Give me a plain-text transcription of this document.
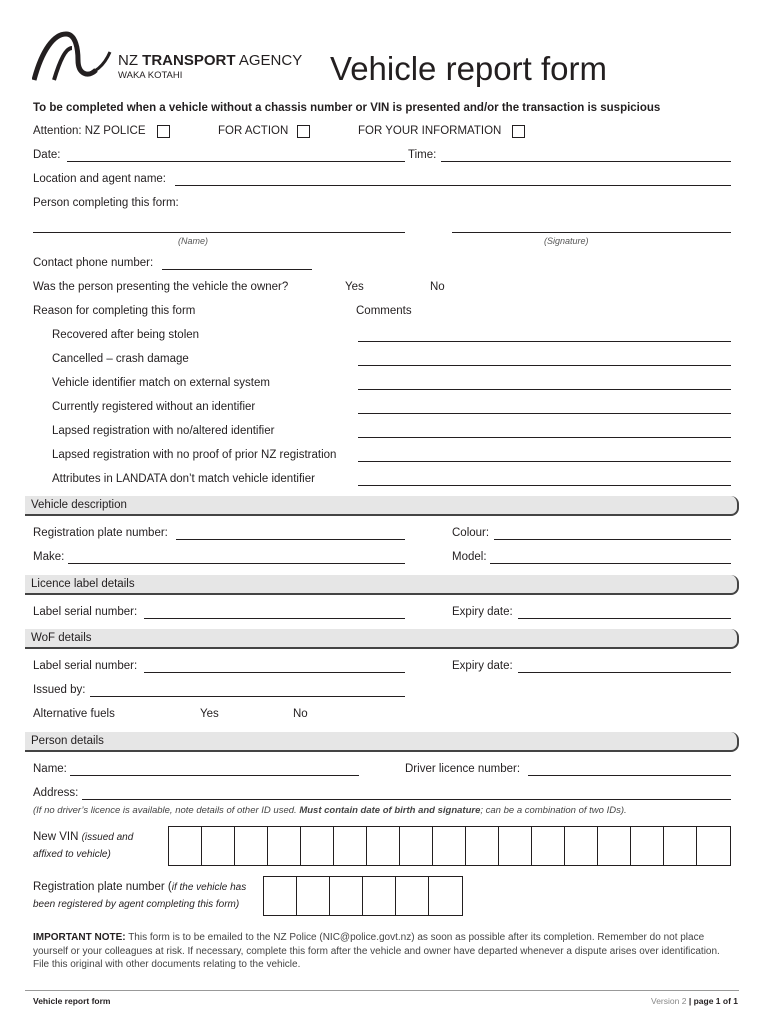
NZ TRANSPORT AGENCY
WAKA KOTAHI	Vehicle report form
To be completed when a vehicle without a chassis number or VIN is presented and/or the transaction is suspicious
Attention: NZ POLICE	FOR ACTION	FOR YOUR INFORMATION
Date:	Time:
Location and agent name:
Person completing this form:
(Name)	(Signature)
Contact phone number:
Was the person presenting the vehicle the owner?	Yes	No
Reason for completing this form	Comments
Recovered after being stolen
Cancelled – crash damage
Vehicle identifier match on external system
Currently registered without an identifier
Lapsed registration with no/altered identifier
Lapsed registration with no proof of prior NZ registration
Attributes in LANDATA don’t match vehicle identifier
Vehicle description
Registration plate number:	Colour:
Make:	Model:
Licence label details
Label serial number:	Expiry date:
WoF details
Label serial number:	Expiry date:
Issued by:
Alternative fuels	Yes	No
Person details
Name:	Driver licence number:
Address:
(If no driver’s licence is available, note details of other ID used. Must contain date of birth and signature; can be a combination of two IDs).
New VIN (issued and
affixed to vehicle)
Registration plate number (if the vehicle has
been registered by agent completing this form)
IMPORTANT NOTE: This form is to be emailed to the NZ Police (NIC@police.govt.nz) as soon as possible after its completion. Remember do not place yourself or your colleagues at risk. If necessary, complete this form after the vehicle and owner have departed whenever a dispute arises over identification. File this original with other documents relating to the vehicle.
Vehicle report form	Version 2 | page 1 of 1
